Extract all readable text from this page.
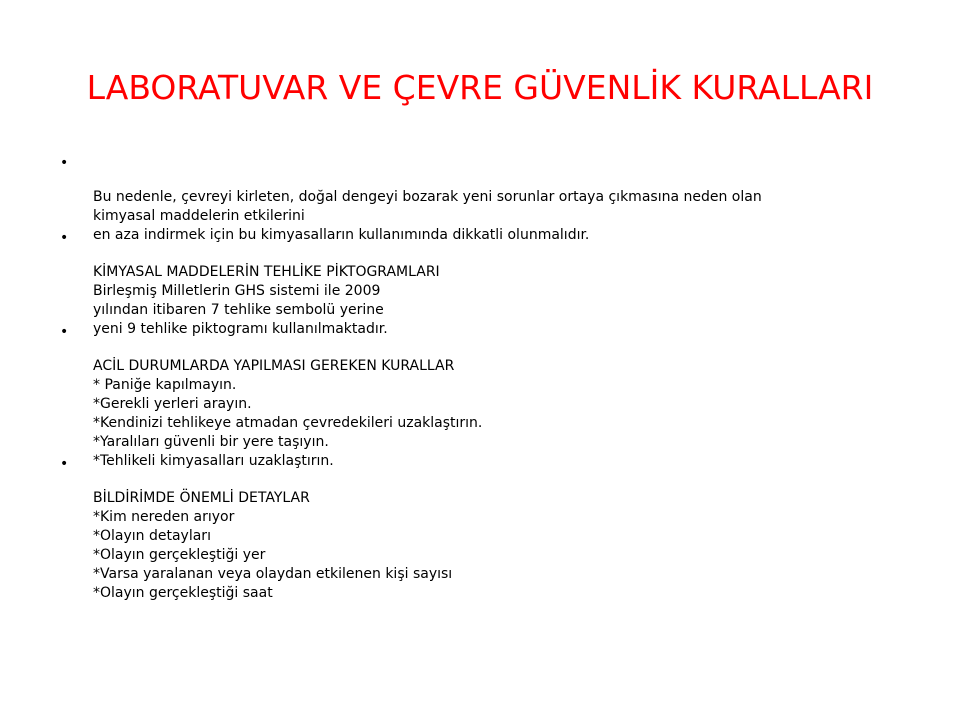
LABORATUVAR VE ÇEVRE GÜVENLİK KURALLARI
•
Bu nedenle, çevreyi kirleten, doğal dengeyi bozarak yeni sorunlar ortaya çıkmasına neden olan
kimyasal maddelerin etkilerini
en aza indirmek için bu kimyasalların kullanımında dikkatli olunmalıdır.
•
KİMYASAL MADDELERİN TEHLİKE PİKTOGRAMLARI
Birleşmiş Milletlerin GHS sistemi ile 2009
yılından itibaren 7 tehlike sembolü yerine
yeni 9 tehlike piktogramı kullanılmaktadır.
•
ACİL DURUMLARDA YAPILMASI GEREKEN KURALLAR
* Paniğe kapılmayın.
*Gerekli yerleri arayın.
*Kendinizi tehlikeye atmadan çevredekileri uzaklaştırın.
*Yaralıları güvenli bir yere taşıyın.
*Tehlikeli kimyasalları uzaklaştırın.
•
BİLDİRİMDE ÖNEMLİ DETAYLAR
*Kim nereden arıyor
*Olayın detayları
*Olayın gerçekleştiği yer
*Varsa yaralanan veya olaydan etkilenen kişi sayısı
*Olayın gerçekleştiği saat
